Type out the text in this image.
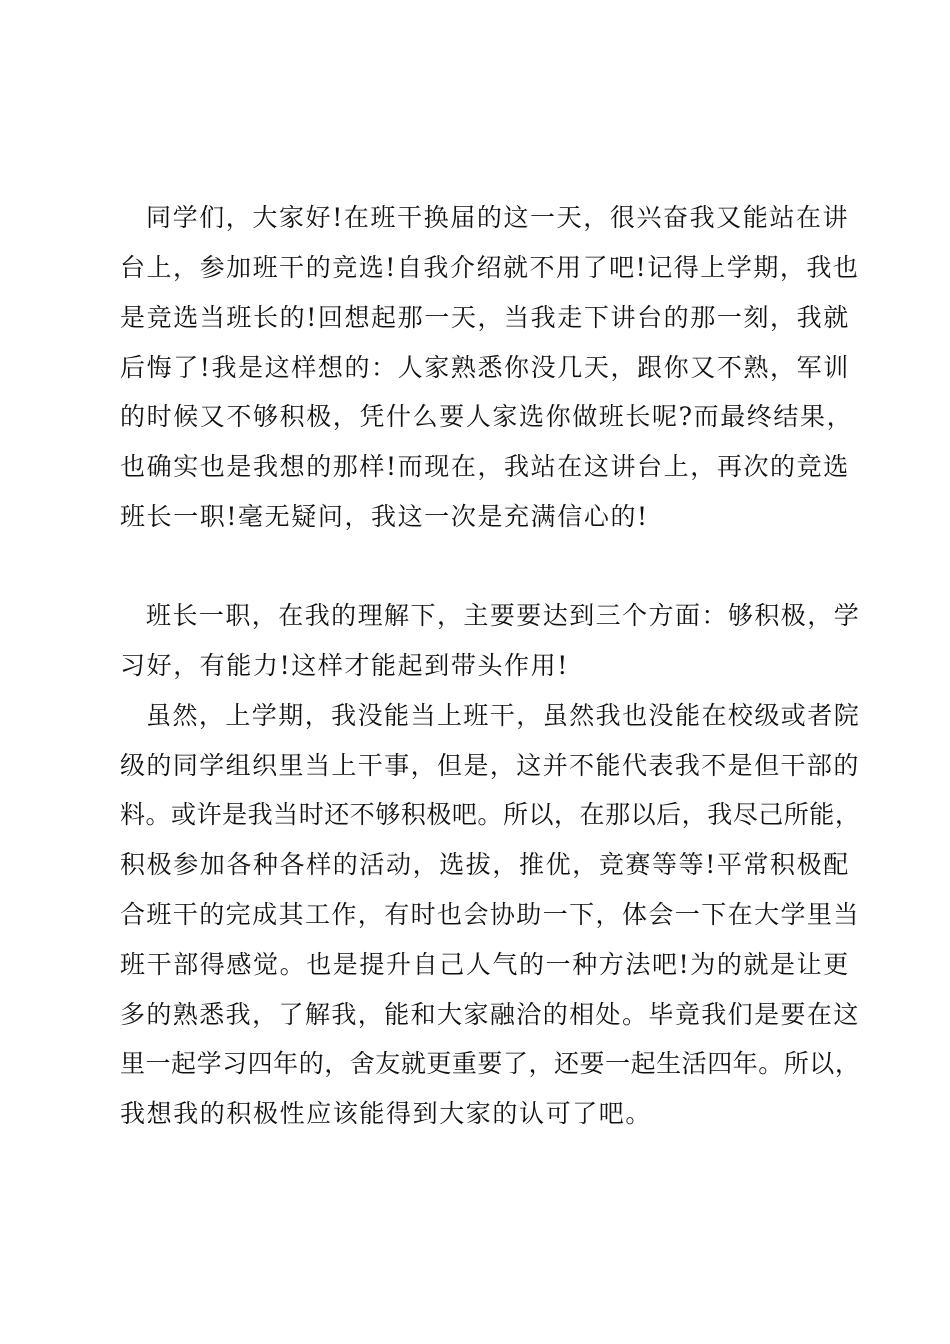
同学们，大家好!在班干换届的这一天，很兴奋我又能站在讲
台上，参加班干的竞选!自我介绍就不用了吧!记得上学期，我也
是竞选当班长的!回想起那一天，当我走下讲台的那一刻，我就
后悔了!我是这样想的：人家熟悉你没几天，跟你又不熟，军训
的时候又不够积极，凭什么要人家选你做班长呢?而最终结果，
也确实也是我想的那样!而现在，我站在这讲台上，再次的竞选
班长一职!毫无疑问，我这一次是充满信心的!
班长一职，在我的理解下，主要要达到三个方面：够积极，学
习好，有能力!这样才能起到带头作用!
虽然，上学期，我没能当上班干，虽然我也没能在校级或者院
级的同学组织里当上干事，但是，这并不能代表我不是但干部的
料。或许是我当时还不够积极吧。所以，在那以后，我尽己所能，
积极参加各种各样的活动，选拔，推优，竞赛等等!平常积极配
合班干的完成其工作，有时也会协助一下，体会一下在大学里当
班干部得感觉。也是提升自己人气的一种方法吧!为的就是让更
多的熟悉我，了解我，能和大家融洽的相处。毕竟我们是要在这
里一起学习四年的，舍友就更重要了，还要一起生活四年。所以，
我想我的积极性应该能得到大家的认可了吧。
